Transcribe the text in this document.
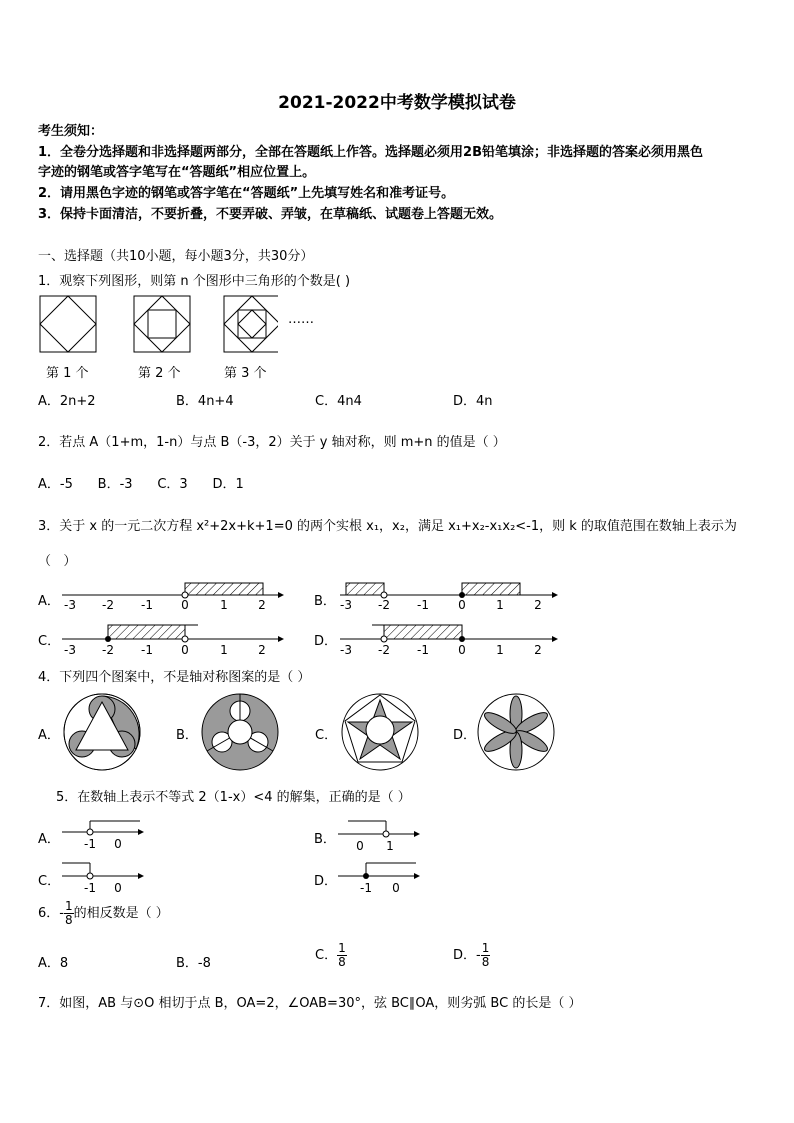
2021-2022中考数学模拟试卷
考生须知：
1．全卷分选择题和非选择题两部分，全部在答题纸上作答。选择题必须用2B铅笔填涂；非选择题的答案必须用黑色
字迹的钢笔或答字笔写在“答题纸”相应位置上。
2．请用黑色字迹的钢笔或答字笔在“答题纸”上先填写姓名和准考证号。
3．保持卡面清洁，不要折叠，不要弄破、弄皱，在草稿纸、试题卷上答题无效。
一、选择题（共10小题，每小题3分，共30分）
1．观察下列图形，则第 n 个图形中三角形的个数是( )
……
第 1 个	第 2 个	第 3 个
A．2n+2	B．4n+4	C．4n4	D．4n
2．若点 A（1+m，1-n）与点 B（-3，2）关于 y 轴对称，则 m+n 的值是（ ）
A．-5      B．-3      C．3      D．1
3．关于 x 的一元二次方程 x²+2x+k+1=0 的两个实根 x₁，x₂，满足 x₁+x₂-x₁x₂<-1，则 k 的取值范围在数轴上表示为
（   ）
A．	B．
C．	D．
-3 -2 -1 0	1	2	-3 -2 -1 0	1	2
-3 -2 -1 0	1	2	-3 -2 -1 0	1	2
4．下列四个图案中，不是轴对称图案的是（ ）
A．	B．	C．	D．
5．在数轴上表示不等式 2（1-x）<4 的解集，正确的是（ ）
A．	B．
C．	D．
-1 0	0 1
-1 0	-1 0
6．- $\frac{1}{8}$ 的相反数是（ ）
A．8	B．-8
C． $\frac{1}{8}$	D．- $\frac{1}{8}$
7．如图，AB 与⊙O 相切于点 B，OA=2，∠OAB=30°，弦 BC∥OA，则劣弧 BC 的长是（ ）
